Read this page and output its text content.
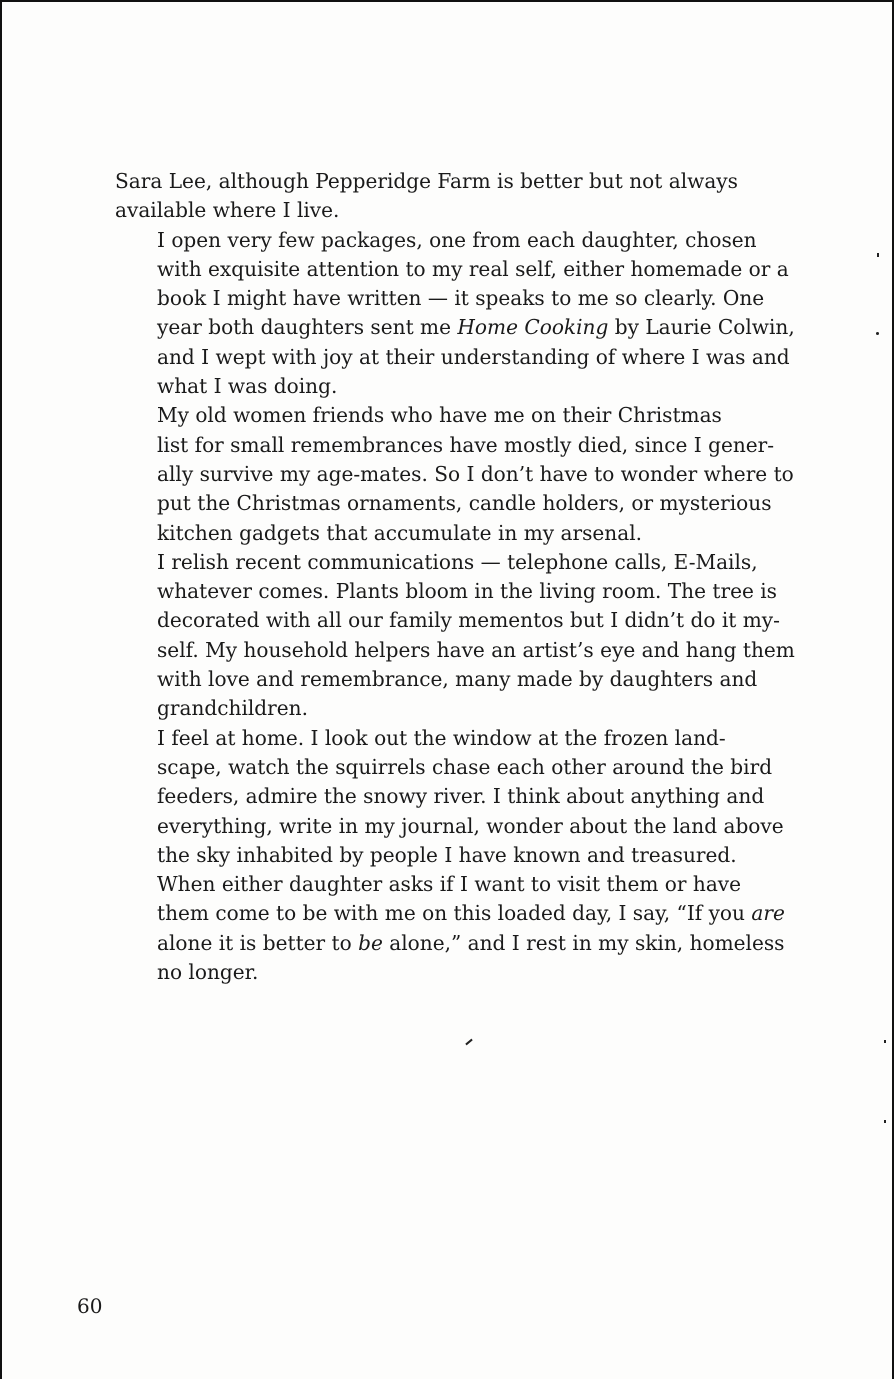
Sara Lee, although Pepperidge Farm is better but not always
available where I live.

I open very few packages, one from each daughter, chosen
with exquisite attention to my real self, either homemade or a
book I might have written — it speaks to me so clearly. One
year both daughters sent me Home Cooking by Laurie Colwin,
and I wept with joy at their understanding of where I was and
what I was doing.

My old women friends who have me on their Christmas
list for small remembrances have mostly died, since I gener-
ally survive my age-mates. So I don’t have to wonder where to
put the Christmas ornaments, candle holders, or mysterious
kitchen gadgets that accumulate in my arsenal.

I relish recent communications — telephone calls, E-Mails,
whatever comes. Plants bloom in the living room. The tree is
decorated with all our family mementos but I didn’t do it my-
self. My household helpers have an artist’s eye and hang them
with love and remembrance, many made by daughters and
grandchildren.

I feel at home. I look out the window at the frozen land-
scape, watch the squirrels chase each other around the bird
feeders, admire the snowy river. I think about anything and
everything, write in my journal, wonder about the land above
the sky inhabited by people I have known and treasured.

When either daughter asks if I want to visit them or have
them come to be with me on this loaded day, I say, “If you are
alone it is better to be alone,” and I rest in my skin, homeless
no longer.

60
